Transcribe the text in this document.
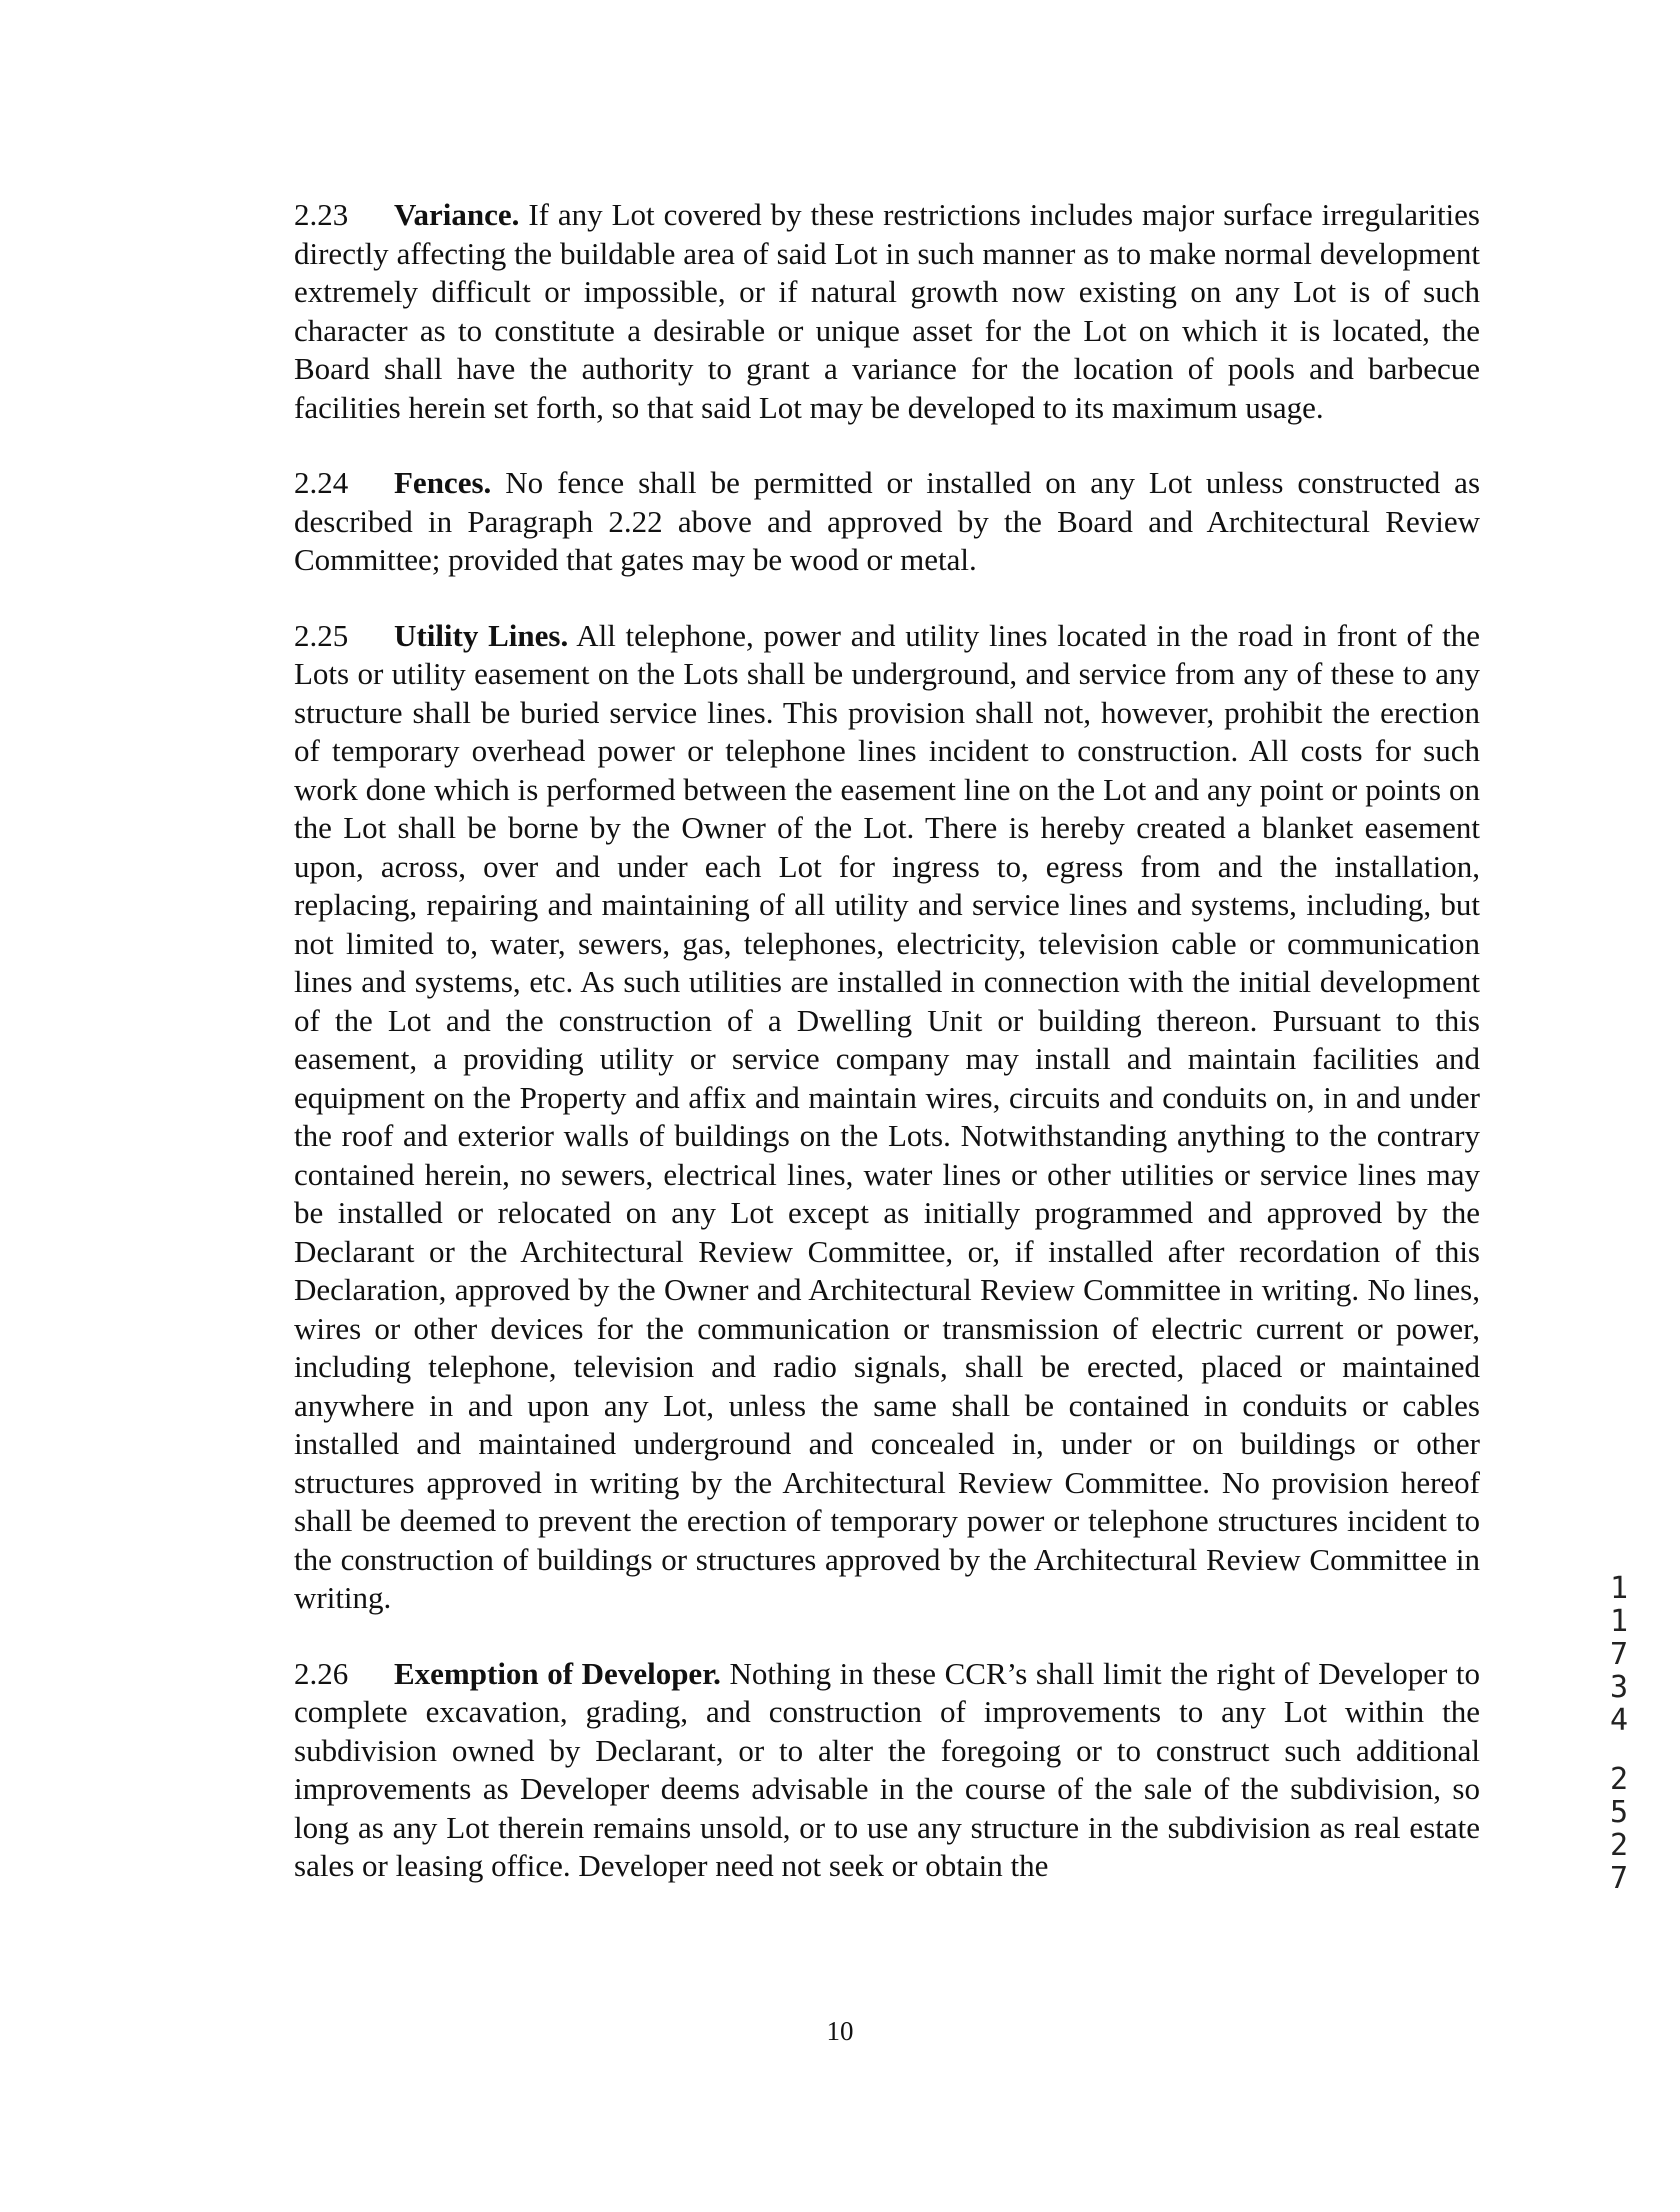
2.23 Variance. If any Lot covered by these restrictions includes major surface irregularities directly affecting the buildable area of said Lot in such manner as to make normal development extremely difficult or impossible, or if natural growth now existing on any Lot is of such character as to constitute a desirable or unique asset for the Lot on which it is located, the Board shall have the authority to grant a variance for the location of pools and barbecue facilities herein set forth, so that said Lot may be developed to its maximum usage.

2.24 Fences. No fence shall be permitted or installed on any Lot unless constructed as described in Paragraph 2.22 above and approved by the Board and Architectural Review Committee; provided that gates may be wood or metal.

2.25 Utility Lines. All telephone, power and utility lines located in the road in front of the Lots or utility easement on the Lots shall be underground, and service from any of these to any structure shall be buried service lines. This provision shall not, however, prohibit the erection of temporary overhead power or telephone lines incident to construction. All costs for such work done which is performed between the easement line on the Lot and any point or points on the Lot shall be borne by the Owner of the Lot. There is hereby created a blanket easement upon, across, over and under each Lot for ingress to, egress from and the installation, replacing, repairing and maintaining of all utility and service lines and systems, including, but not limited to, water, sewers, gas, telephones, electricity, television cable or communication lines and systems, etc. As such utilities are installed in connection with the initial development of the Lot and the construction of a Dwelling Unit or building thereon. Pursuant to this easement, a providing utility or service company may install and maintain facilities and equipment on the Property and affix and maintain wires, circuits and conduits on, in and under the roof and exterior walls of buildings on the Lots. Notwithstanding anything to the contrary contained herein, no sewers, electrical lines, water lines or other utilities or service lines may be installed or relocated on any Lot except as initially programmed and approved by the Declarant or the Architectural Review Committee, or, if installed after recordation of this Declaration, approved by the Owner and Architectural Review Committee in writing. No lines, wires or other devices for the communication or transmission of electric current or power, including telephone, television and radio signals, shall be erected, placed or maintained anywhere in and upon any Lot, unless the same shall be contained in conduits or cables installed and maintained underground and concealed in, under or on buildings or other structures approved in writing by the Architectural Review Committee. No provision hereof shall be deemed to prevent the erection of temporary power or telephone structures incident to the construction of buildings or structures approved by the Architectural Review Committee in writing.

2.26 Exemption of Developer. Nothing in these CCR’s shall limit the right of Developer to complete excavation, grading, and construction of improvements to any Lot within the subdivision owned by Declarant, or to alter the foregoing or to construct such additional improvements as Developer deems advisable in the course of the sale of the subdivision, so long as any Lot therein remains unsold, or to use any structure in the subdivision as real estate sales or leasing office. Developer need not seek or obtain the

1
1
7
3
4
2
5
2
7
10
